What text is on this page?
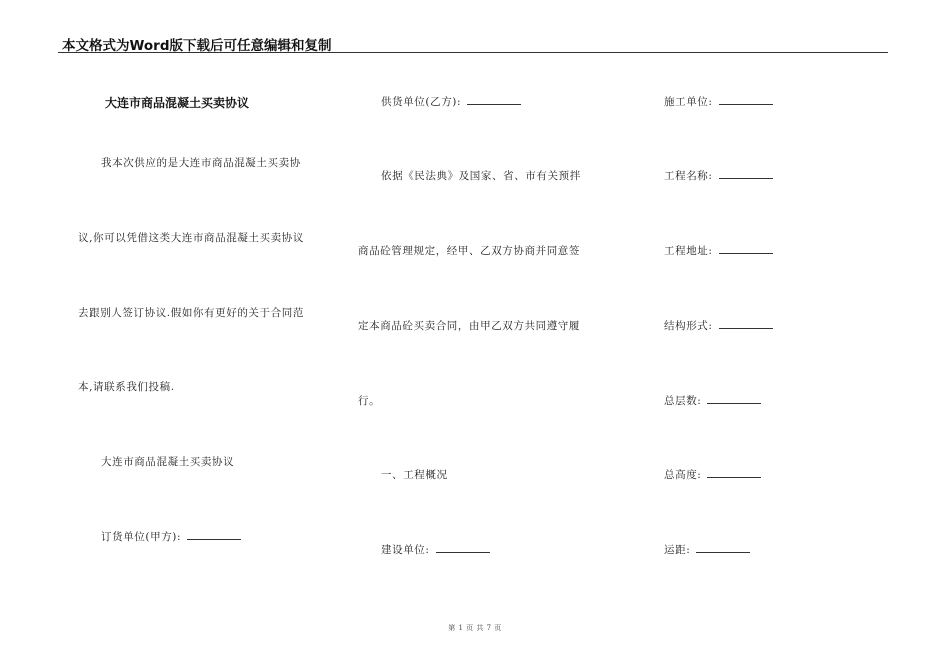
本文格式为Word版下载后可任意编辑和复制
大连市商品混凝土买卖协议
我本次供应的是大连市商品混凝土买卖协
议,你可以凭借这类大连市商品混凝土买卖协议
去跟别人签订协议.假如你有更好的关于合同范
本,请联系我们投稿.
大连市商品混凝土买卖协议
订货单位(甲方):
供货单位(乙方):
依据《民法典》及国家、省、市有关预拌
商品砼管理规定，经甲、乙双方协商并同意签
定本商品砼买卖合同，由甲乙双方共同遵守履
行。
一、工程概况
建设单位:
施工单位:
工程名称:
工程地址:
结构形式:
总层数:
总高度:
运距:
第 1 页 共 7 页
